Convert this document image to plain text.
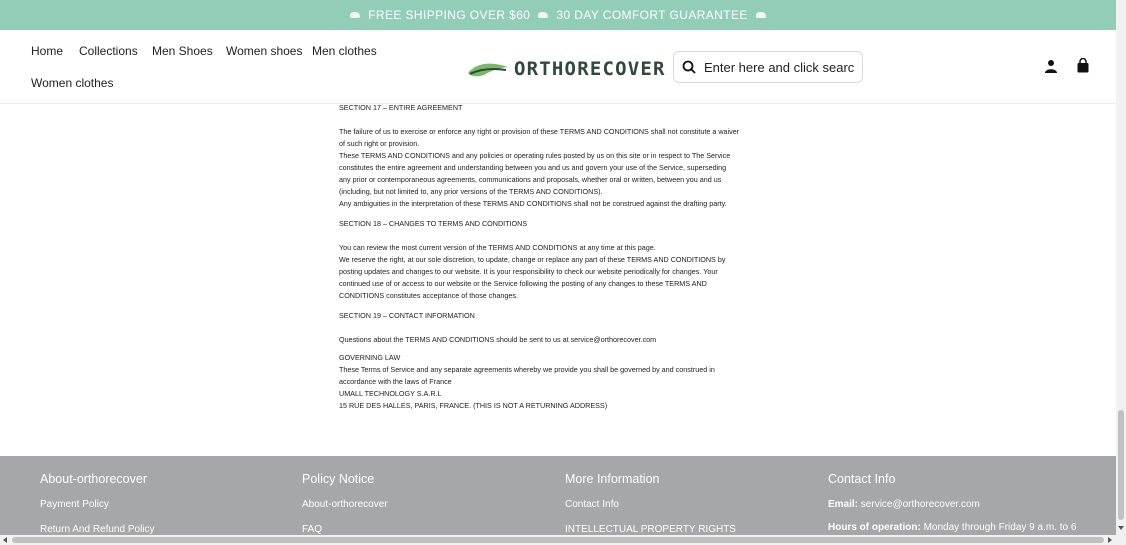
FREE SHIPPING OVER $60 30 DAY COMFORT GUARANTEE
Home Collections Men Shoes Women shoes Men clothes
Women clothes
ORTHORECOVER
Enter here and click search

SECTION 17 – ENTIRE AGREEMENT

The failure of us to exercise or enforce any right or provision of these TERMS AND CONDITIONS shall not constitute a waiver

of such right or provision.

These TERMS AND CONDITIONS and any policies or operating rules posted by us on this site or in respect to The Service

constitutes the entire agreement and understanding between you and us and govern your use of the Service, superseding

any prior or contemporaneous agreements, communications and proposals, whether oral or written, between you and us

(including, but not limited to, any prior versions of the TERMS AND CONDITIONS).

Any ambiguities in the interpretation of these TERMS AND CONDITIONS shall not be construed against the drafting party.

SECTION 18 – CHANGES TO TERMS AND CONDITIONS

You can review the most current version of the TERMS AND CONDITIONS at any time at this page.

We reserve the right, at our sole discretion, to update, change or replace any part of these TERMS AND CONDITIONS by

posting updates and changes to our website. It is your responsibility to check our website periodically for changes. Your

continued use of or access to our website or the Service following the posting of any changes to these TERMS AND

CONDITIONS constitutes acceptance of those changes.

SECTION 19 – CONTACT INFORMATION

Questions about the TERMS AND CONDITIONS should be sent to us at service@orthorecover.com

GOVERNING LAW

These Terms of Service and any separate agreements whereby we provide you shall be governed by and construed in

accordance with the laws of France

UMALL TECHNOLOGY S.A.R.L

15 RUE DES HALLES, PARIS, FRANCE. (THIS IS NOT A RETURNING ADDRESS)

About-orthorecover
Payment Policy
Return And Refund Policy
Policy Notice
About-orthorecover
FAQ
More Information
Contact Info
INTELLECTUAL PROPERTY RIGHTS
Contact Info
Email: service@orthorecover.com
Hours of operation: Monday through Friday 9 a.m. to 6
